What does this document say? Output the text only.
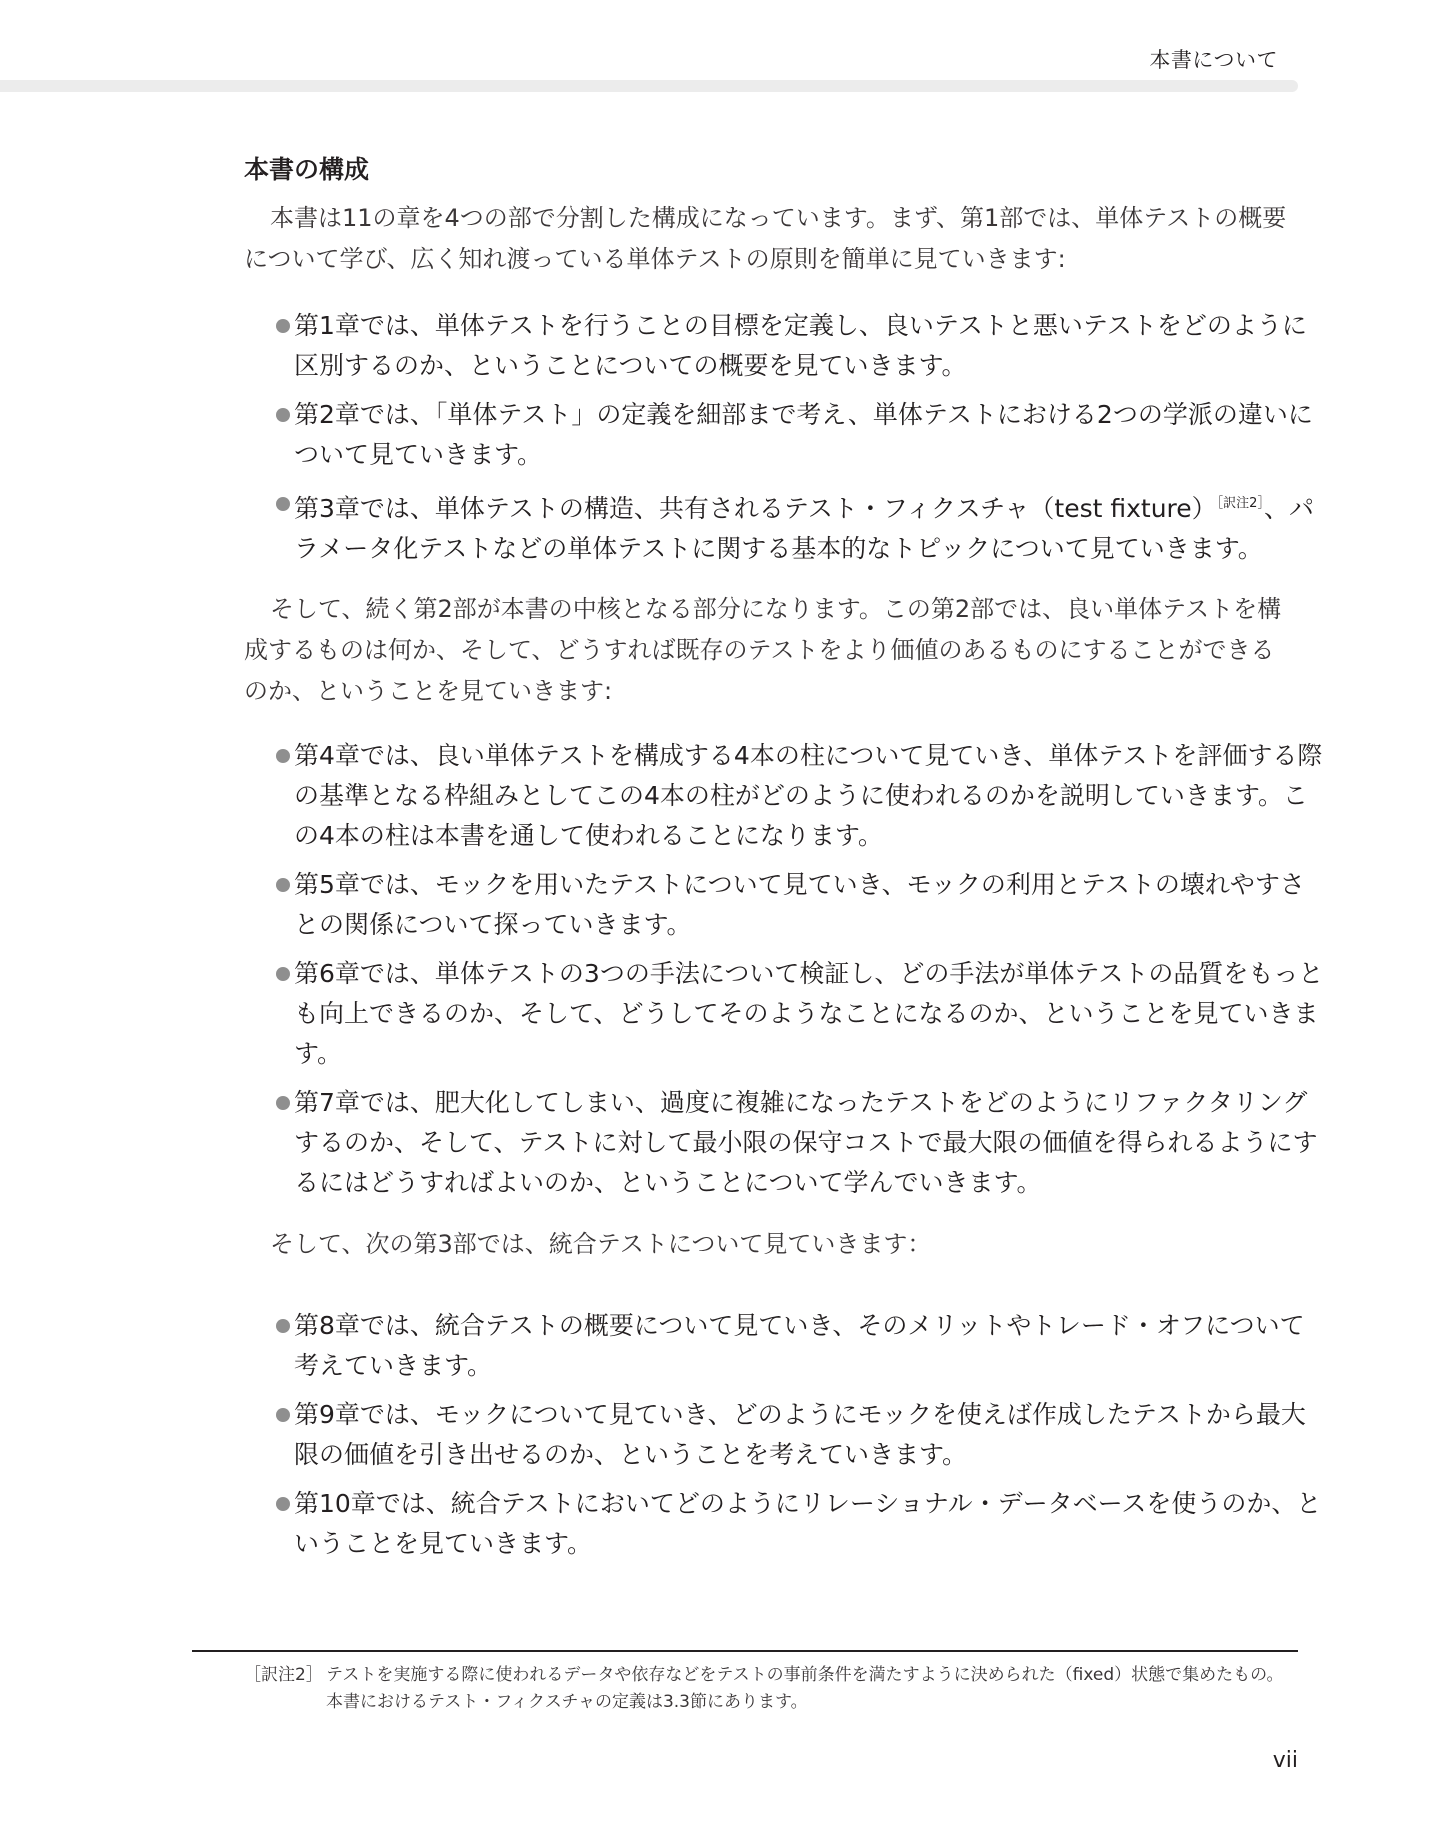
本書について
本書の構成

本書は11の章を4つの部で分割した構成になっています。まず、第1部では、単体テストの概要について学び、広く知れ渡っている単体テストの原則を簡単に見ていきます:

第1章では、単体テストを行うことの目標を定義し、良いテストと悪いテストをどのように区別するのか、ということについての概要を見ていきます。
第2章では、「単体テスト」の定義を細部まで考え、単体テストにおける2つの学派の違いについて見ていきます。
第3章では、単体テストの構造、共有されるテスト・フィクスチャ（test fixture）$^{[訳注2]}$、パラメータ化テストなどの単体テストに関する基本的なトピックについて見ていきます。

そして、続く第2部が本書の中核となる部分になります。この第2部では、良い単体テストを構成するものは何か、そして、どうすれば既存のテストをより価値のあるものにすることができるのか、ということを見ていきます:

第4章では、良い単体テストを構成する4本の柱について見ていき、単体テストを評価する際の基準となる枠組みとしてこの4本の柱がどのように使われるのかを説明していきます。この4本の柱は本書を通して使われることになります。
第5章では、モックを用いたテストについて見ていき、モックの利用とテストの壊れやすさとの関係について探っていきます。
第6章では、単体テストの3つの手法について検証し、どの手法が単体テストの品質をもっとも向上できるのか、そして、どうしてそのようなことになるのか、ということを見ていきます。
第7章では、肥大化してしまい、過度に複雑になったテストをどのようにリファクタリングするのか、そして、テストに対して最小限の保守コストで最大限の価値を得られるようにするにはどうすればよいのか、ということについて学んでいきます。

そして、次の第3部では、統合テストについて見ていきます：

第8章では、統合テストの概要について見ていき、そのメリットやトレード・オフについて考えていきます。
第9章では、モックについて見ていき、どのようにモックを使えば作成したテストから最大限の価値を引き出せるのか、ということを考えていきます。
第10章では、統合テストにおいてどのようにリレーショナル・データベースを使うのか、ということを見ていきます。
［訳注2］ テストを実施する際に使われるデータや依存などをテストの事前条件を満たすように決められた（fixed）状態で集めたもの。
本書におけるテスト・フィクスチャの定義は3.3節にあります。
vii
